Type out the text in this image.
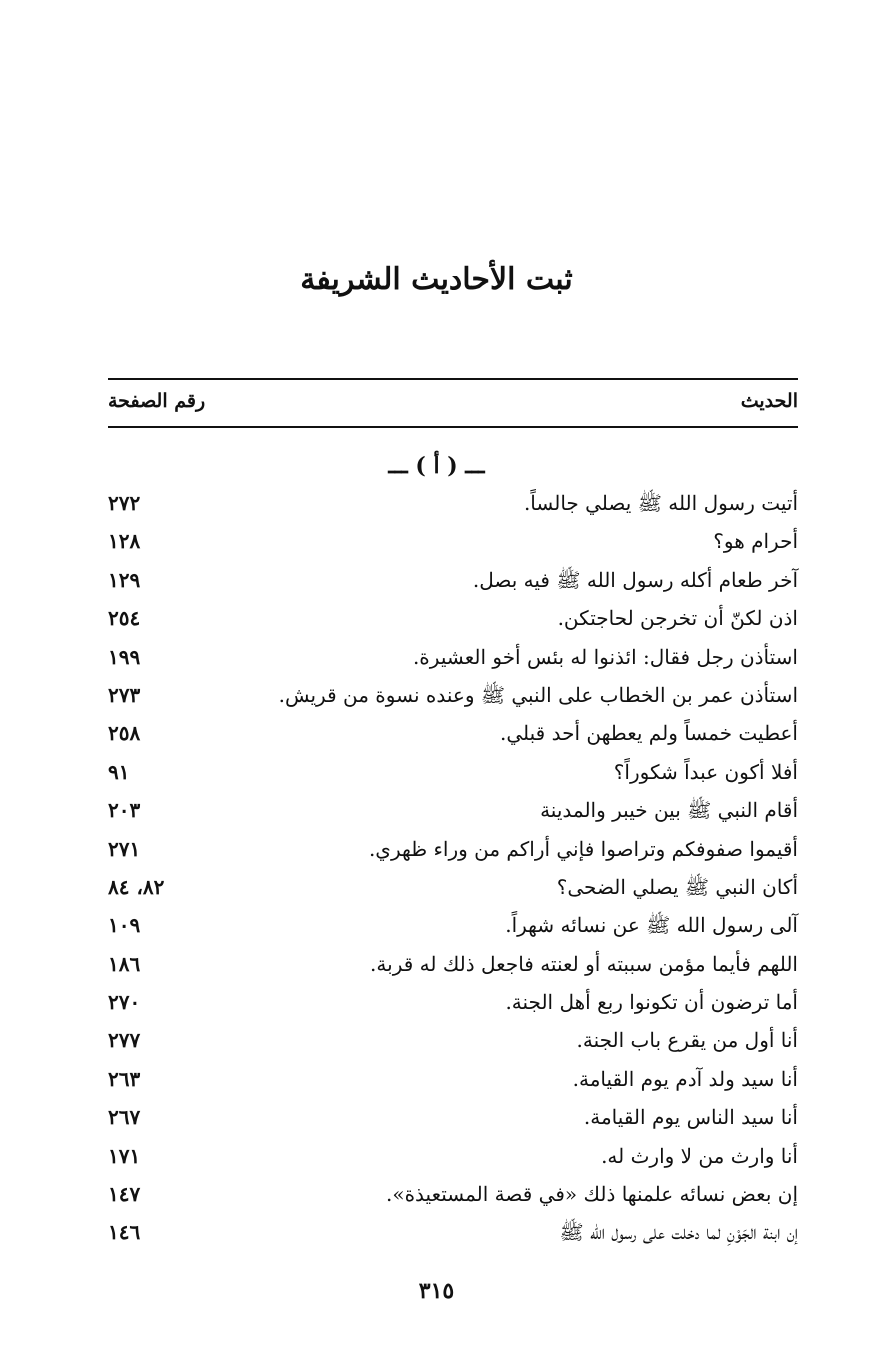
ثبت الأحاديث الشريفة
الحديث
رقم الصفحة
ـــ ( أ ) ـــ
أتيت رسول الله ﷺ يصلي جالساً.
٢٧٢
أحرام هو؟
١٢٨
آخر طعام أكله رسول الله ﷺ فيه بصل.
١٢٩
اذن لكنّ أن تخرجن لحاجتكن.
٢٥٤
استأذن رجل فقال: ائذنوا له بئس أخو العشيرة.
١٩٩
استأذن عمر بن الخطاب على النبي ﷺ وعنده نسوة من قريش.
٢٧٣
أعطيت خمساً ولم يعطهن أحد قبلي.
٢٥٨
أفلا أكون عبداً شكوراً؟
٩١
أقام النبي ﷺ بين خيبر والمدينة
٢٠٣
أقيموا صفوفكم وتراصوا فإني أراكم من وراء ظهري.
٢٧١
أكان النبي ﷺ يصلي الضحى؟
٨٢، ٨٤
آلى رسول الله ﷺ عن نسائه شهراً.
١٠٩
اللهم فأيما مؤمن سببته أو لعنته فاجعل ذلك له قربة.
١٨٦
أما ترضون أن تكونوا ربع أهل الجنة.
٢٧٠
أنا أول من يقرع باب الجنة.
٢٧٧
أنا سيد ولد آدم يوم القيامة.
٢٦٣
أنا سيد الناس يوم القيامة.
٢٦٧
أنا وارث من لا وارث له.
١٧١
إن بعض نسائه علمنها ذلك «في قصة المستعيذة».
١٤٧
إن ابنة الجَوْنِ لما دخلت على رسول الله ﷺ
١٤٦
٣١٥
